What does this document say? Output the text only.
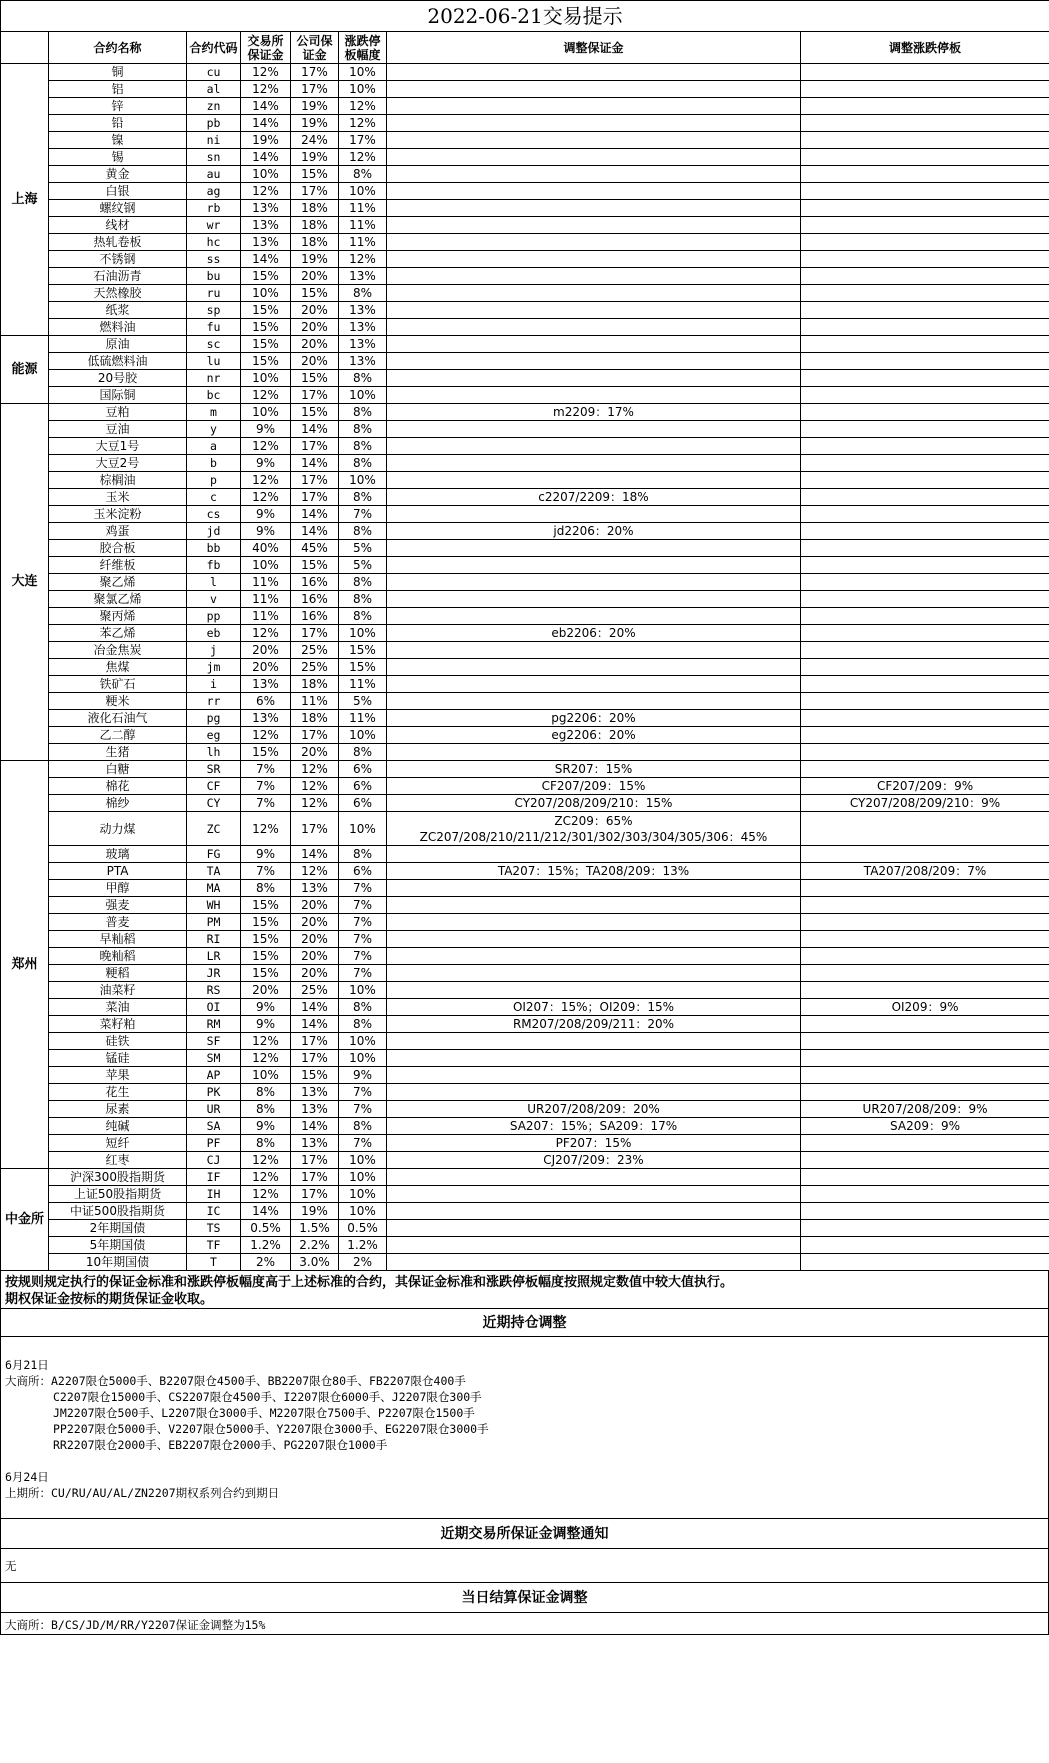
2022-06-21交易提示							
	合约名称	合约代码	交易所保证金	公司保证金	涨跌停板幅度	调整保证金	调整涨跌停板
上海	铜	cu	12%	17%	10%		
	铝	al	12%	17%	10%		
	锌	zn	14%	19%	12%		
	铅	pb	14%	19%	12%		
	镍	ni	19%	24%	17%		
	锡	sn	14%	19%	12%		
	黄金	au	10%	15%	8%		
	白银	ag	12%	17%	10%		
	螺纹钢	rb	13%	18%	11%		
	线材	wr	13%	18%	11%		
	热轧卷板	hc	13%	18%	11%		
	不锈钢	ss	14%	19%	12%		
	石油沥青	bu	15%	20%	13%		
	天然橡胶	ru	10%	15%	8%		
	纸浆	sp	15%	20%	13%		
	燃料油	fu	15%	20%	13%		
能源	原油	sc	15%	20%	13%		
	低硫燃料油	lu	15%	20%	13%		
	20号胶	nr	10%	15%	8%		
	国际铜	bc	12%	17%	10%		
大连	豆粕	m	10%	15%	8%	m2209：17%	
	豆油	y	9%	14%	8%		
	大豆1号	a	12%	17%	8%		
	大豆2号	b	9%	14%	8%		
	棕榈油	p	12%	17%	10%		
	玉米	c	12%	17%	8%	c2207/2209：18%	
	玉米淀粉	cs	9%	14%	7%		
	鸡蛋	jd	9%	14%	8%	jd2206：20%	
	胶合板	bb	40%	45%	5%		
	纤维板	fb	10%	15%	5%		
	聚乙烯	l	11%	16%	8%		
	聚氯乙烯	v	11%	16%	8%		
	聚丙烯	pp	11%	16%	8%		
	苯乙烯	eb	12%	17%	10%	eb2206：20%	
	冶金焦炭	j	20%	25%	15%		
	焦煤	jm	20%	25%	15%		
	铁矿石	i	13%	18%	11%		
	粳米	rr	6%	11%	5%		
	液化石油气	pg	13%	18%	11%	pg2206：20%	
	乙二醇	eg	12%	17%	10%	eg2206：20%	
	生猪	lh	15%	20%	8%		
郑州	白糖	SR	7%	12%	6%	SR207：15%	
	棉花	CF	7%	12%	6%	CF207/209：15%	CF207/209：9%
	棉纱	CY	7%	12%	6%	CY207/208/209/210：15%	CY207/208/209/210：9%
	动力煤	ZC	12%	17%	10%	ZC209：65%
ZC207/208/210/211/212/301/302/303/304/305/306：45%	
	玻璃	FG	9%	14%	8%		
	PTA	TA	7%	12%	6%	TA207：15%；TA208/209：13%	TA207/208/209：7%
	甲醇	MA	8%	13%	7%		
	强麦	WH	15%	20%	7%		
	普麦	PM	15%	20%	7%		
	早籼稻	RI	15%	20%	7%		
	晚籼稻	LR	15%	20%	7%		
	粳稻	JR	15%	20%	7%		
	油菜籽	RS	20%	25%	10%		
	菜油	OI	9%	14%	8%	OI207：15%；OI209：15%	OI209：9%
	菜籽粕	RM	9%	14%	8%	RM207/208/209/211：20%	
	硅铁	SF	12%	17%	10%		
	锰硅	SM	12%	17%	10%		
	苹果	AP	10%	15%	9%		
	花生	PK	8%	13%	7%		
	尿素	UR	8%	13%	7%	UR207/208/209：20%	UR207/208/209：9%
	纯碱	SA	9%	14%	8%	SA207：15%；SA209：17%	SA209：9%
	短纤	PF	8%	13%	7%	PF207：15%	
	红枣	CJ	12%	17%	10%	CJ207/209：23%	
中金所	沪深300股指期货	IF	12%	17%	10%		
	上证50股指期货	IH	12%	17%	10%		
	中证500股指期货	IC	14%	19%	10%		
	2年期国债	TS	0.5%	1.5%	0.5%		
	5年期国债	TF	1.2%	2.2%	1.2%		
	10年期国债	T	2%	3.0%	2%		
按规则规定执行的保证金标准和涨跌停板幅度高于上述标准的合约，其保证金标准和涨跌停板幅度按照规定数值中较大值执行。
期权保证金按标的期货保证金收取。
近期持仓调整
6月21日
大商所：A2207限仓5000手、B2207限仓4500手、BB2207限仓80手、FB2207限仓400手
C2207限仓15000手、CS2207限仓4500手、I2207限仓6000手、J2207限仓300手
JM2207限仓500手、L2207限仓3000手、M2207限仓7500手、P2207限仓1500手
PP2207限仓5000手、V2207限仓5000手、Y2207限仓3000手、EG2207限仓3000手
RR2207限仓2000手、EB2207限仓2000手、PG2207限仓1000手
6月24日
上期所：CU/RU/AU/AL/ZN2207期权系列合约到期日
近期交易所保证金调整通知
无
当日结算保证金调整
大商所：B/CS/JD/M/RR/Y2207保证金调整为15%
